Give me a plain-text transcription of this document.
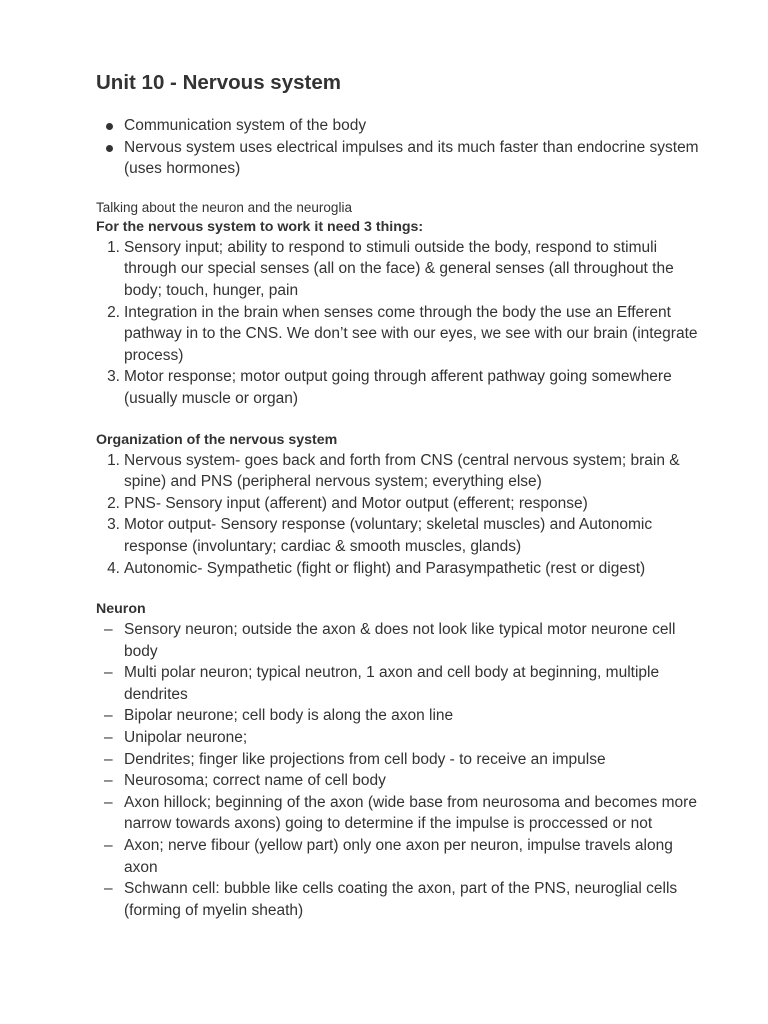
Unit 10 - Nervous system
Communication system of the body
Nervous system uses electrical impulses and its much faster than endocrine system (uses hormones)
Talking about the neuron and the neuroglia
For the nervous system to work it need 3 things:
1. Sensory input; ability to respond to stimuli outside the body, respond to stimuli through our special senses (all on the face) & general senses (all throughout the body; touch, hunger, pain
2. Integration in the brain when senses come through the body the use an Efferent pathway in to the CNS. We don’t see with our eyes, we see with our brain (integrate process)
3. Motor response; motor output going through afferent pathway going somewhere (usually muscle or organ)
Organization of the nervous system
1. Nervous system- goes back and forth from CNS (central nervous system; brain & spine) and PNS (peripheral nervous system; everything else)
2. PNS- Sensory input (afferent) and Motor output (efferent; response)
3. Motor output- Sensory response (voluntary; skeletal muscles) and Autonomic response (involuntary; cardiac & smooth muscles, glands)
4. Autonomic- Sympathetic (fight or flight) and Parasympathetic (rest or digest)
Neuron
– Sensory neuron; outside the axon & does not look like typical motor neurone cell body
– Multi polar neuron; typical neutron, 1 axon and cell body at beginning, multiple dendrites
– Bipolar neurone; cell body is along the axon line
– Unipolar neurone;
– Dendrites; finger like projections from cell body - to receive an impulse
– Neurosoma; correct name of cell body
– Axon hillock; beginning of the axon (wide base from neurosoma and becomes more narrow towards axons) going to determine if the impulse is proccessed or not
– Axon; nerve fibour (yellow part) only one axon per neuron, impulse travels along axon
– Schwann cell: bubble like cells coating the axon, part of the PNS, neuroglial cells (forming of myelin sheath)
